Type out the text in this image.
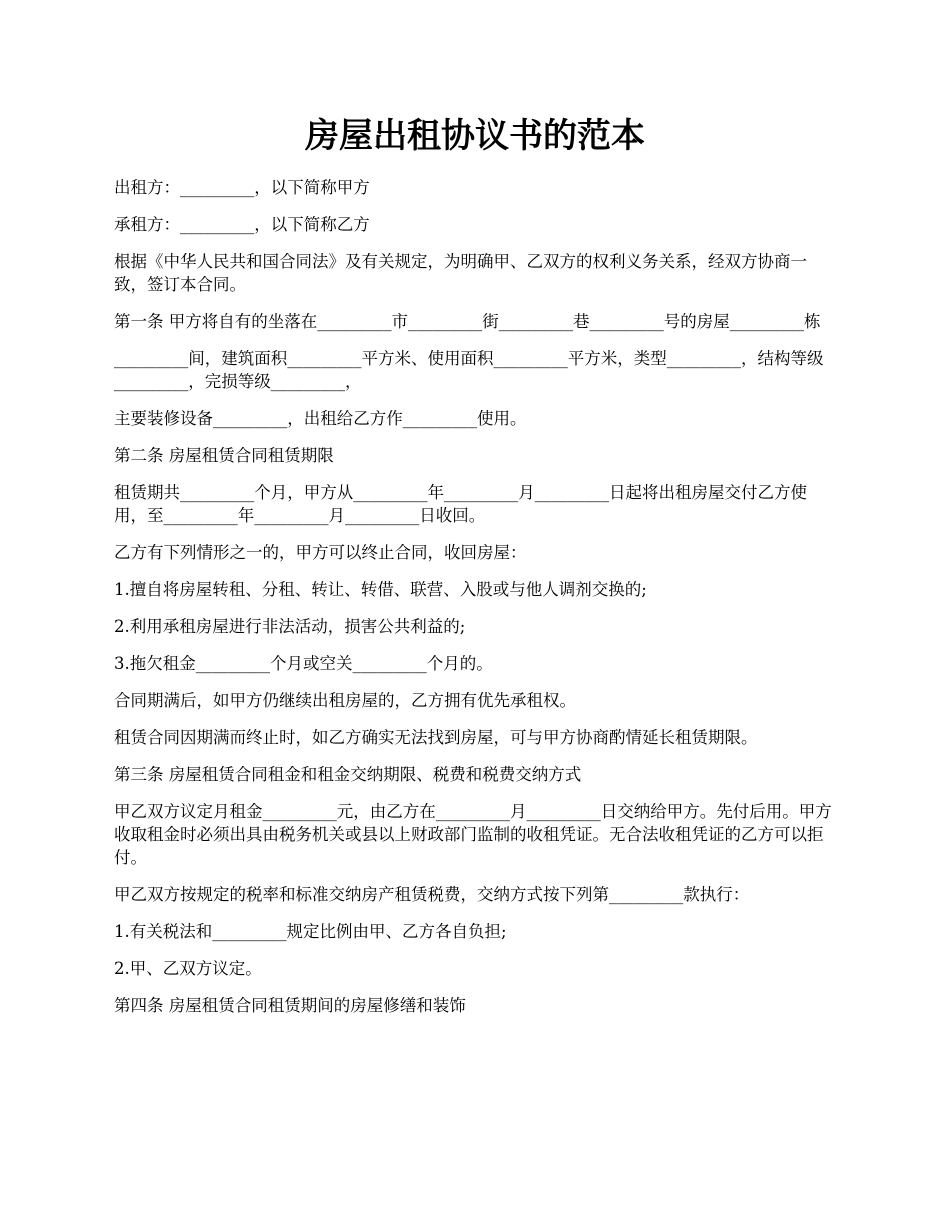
房屋出租协议书的范本

出租方：_________，以下简称甲方

承租方：_________，以下简称乙方

根据《中华人民共和国合同法》及有关规定，为明确甲、乙双方的权利义务关系，经双方协商一致，签订本合同。

第一条 甲方将自有的坐落在_________市_________街_________巷_________号的房屋_________栋

_________间，建筑面积_________平方米、使用面积_________平方米，类型_________，结构等级_________，完损等级_________，

主要装修设备_________，出租给乙方作_________使用。

第二条 房屋租赁合同租赁期限

租赁期共_________个月，甲方从_________年_________月_________日起将出租房屋交付乙方使用，至_________年_________月_________日收回。

乙方有下列情形之一的，甲方可以终止合同，收回房屋：

1.擅自将房屋转租、分租、转让、转借、联营、入股或与他人调剂交换的;

2.利用承租房屋进行非法活动，损害公共利益的;

3.拖欠租金_________个月或空关_________个月的。

合同期满后，如甲方仍继续出租房屋的，乙方拥有优先承租权。

租赁合同因期满而终止时，如乙方确实无法找到房屋，可与甲方协商酌情延长租赁期限。

第三条 房屋租赁合同租金和租金交纳期限、税费和税费交纳方式

甲乙双方议定月租金_________元，由乙方在_________月_________日交纳给甲方。先付后用。甲方收取租金时必须出具由税务机关或县以上财政部门监制的收租凭证。无合法收租凭证的乙方可以拒付。

甲乙双方按规定的税率和标准交纳房产租赁税费，交纳方式按下列第_________款执行：

1.有关税法和_________规定比例由甲、乙方各自负担;

2.甲、乙双方议定。

第四条 房屋租赁合同租赁期间的房屋修缮和装饰
